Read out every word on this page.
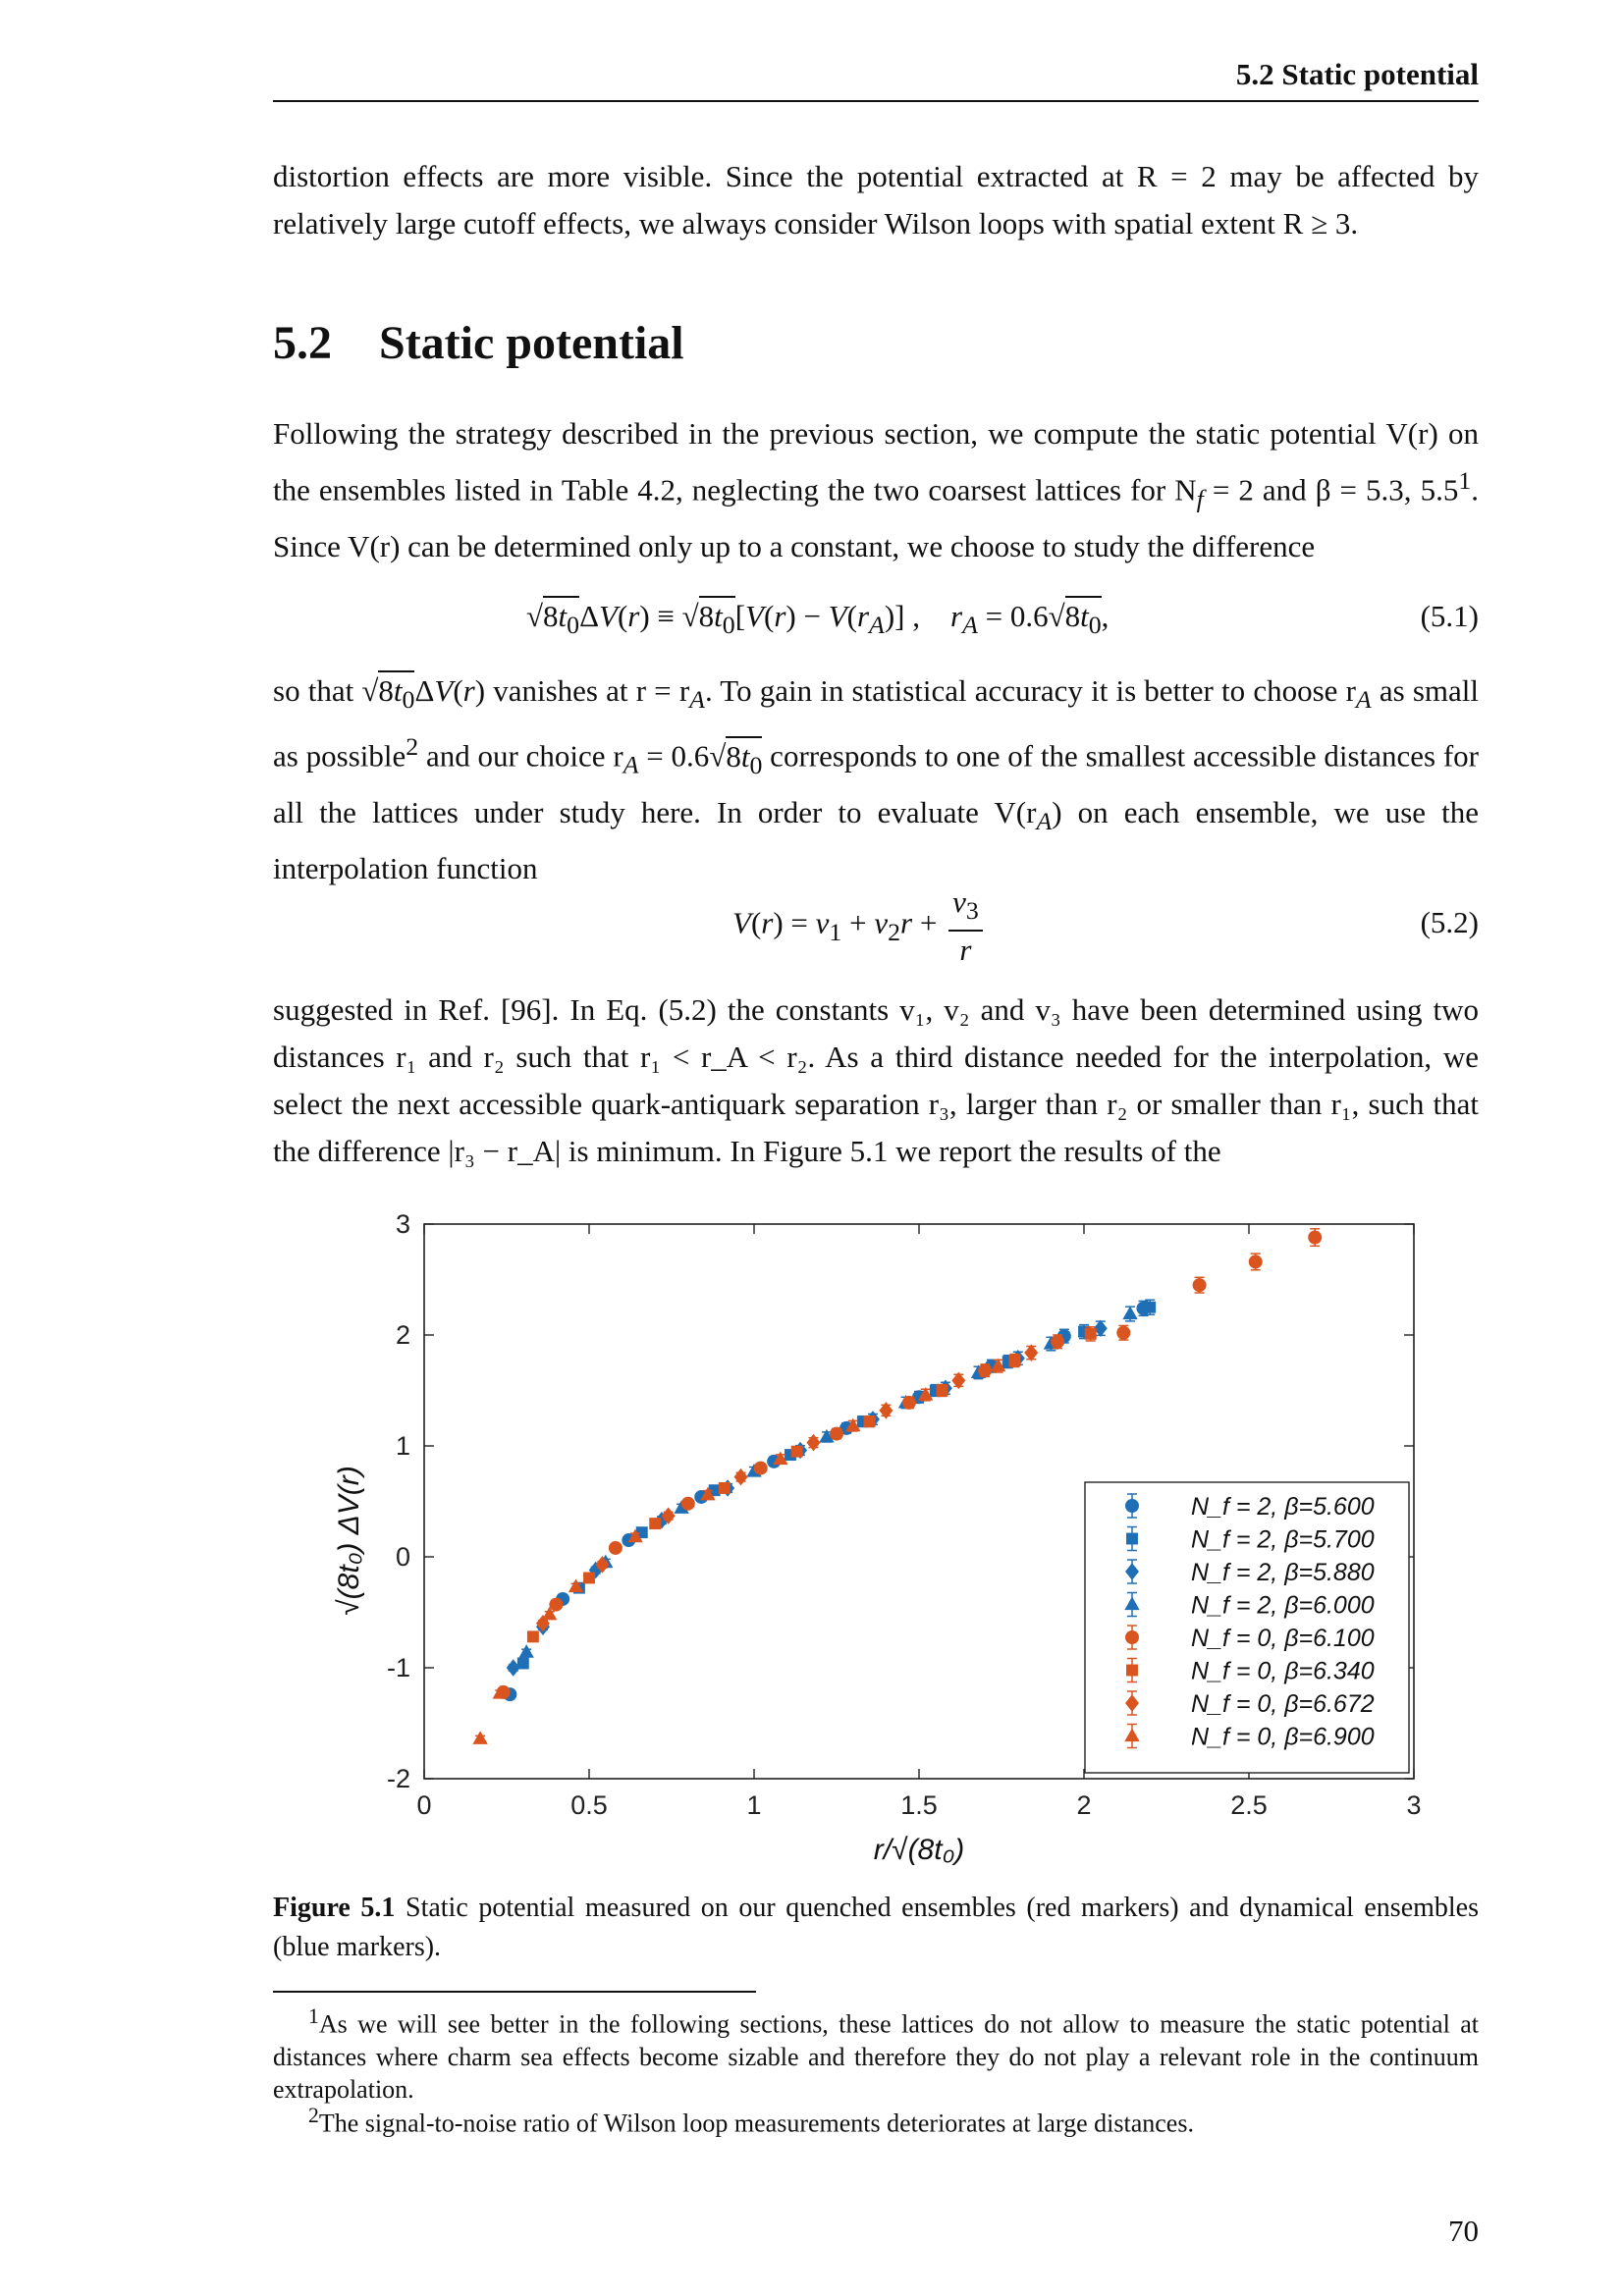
5.2 Static potential
distortion effects are more visible. Since the potential extracted at R = 2 may be affected by relatively large cutoff effects, we always consider Wilson loops with spatial extent R ≥ 3.
5.2 Static potential
Following the strategy described in the previous section, we compute the static potential V(r) on the ensembles listed in Table 4.2, neglecting the two coarsest lattices for $N_f = 2$ and β = 5.3, $5.5^1$. Since V(r) can be determined only up to a constant, we choose to study the difference
$√8t_0\Delta V(r) \equiv √8t_0[V(r) - V(r_A)]$ ,    $r_A = 0.6√8t_0$,	(5.1)
so that $√8t_0\Delta V(r)$ vanishes at $r = r_A$. To gain in statistical accuracy it is better to choose $r_A$ as small as possible$^2$ and our choice $r_A = 0.6√8t_0$ corresponds to one of the smallest accessible distances for all the lattices under study here. In order to evaluate $V(r_A)$ on each ensemble, we use the interpolation function
$V(r) = v_1 + v_2r + \frac{v_3}{r}$	(5.2)
suggested in Ref. [96]. In Eq. (5.2) the constants v₁, v₂ and v₃ have been determined using two distances r₁ and r₂ such that r₁ < r_A < r₂. As a third distance needed for the interpolation, we select the next accessible quark-antiquark separation r₃, larger than r₂ or smaller than r₁, such that the difference |r₃ − r_A| is minimum. In Figure 5.1 we report the results of the
0	0.5	1	1.5	2	2.5	3
-2
-1
0
1
2
3
r/√(8t₀)
√(8t₀) ΔV(r)	N_f = 2, β=5.600
N_f = 2, β=5.700
N_f = 2, β=5.880
N_f = 2, β=6.000
N_f = 0, β=6.100
N_f = 0, β=6.340
N_f = 0, β=6.672
N_f = 0, β=6.900
Figure 5.1 Static potential measured on our quenched ensembles (red markers) and dynamical ensembles (blue markers).
$^1$As we will see better in the following sections, these lattices do not allow to measure the static potential at distances where charm sea effects become sizable and therefore they do not play a relevant role in the continuum extrapolation.
$^2$The signal-to-noise ratio of Wilson loop measurements deteriorates at large distances.
70
